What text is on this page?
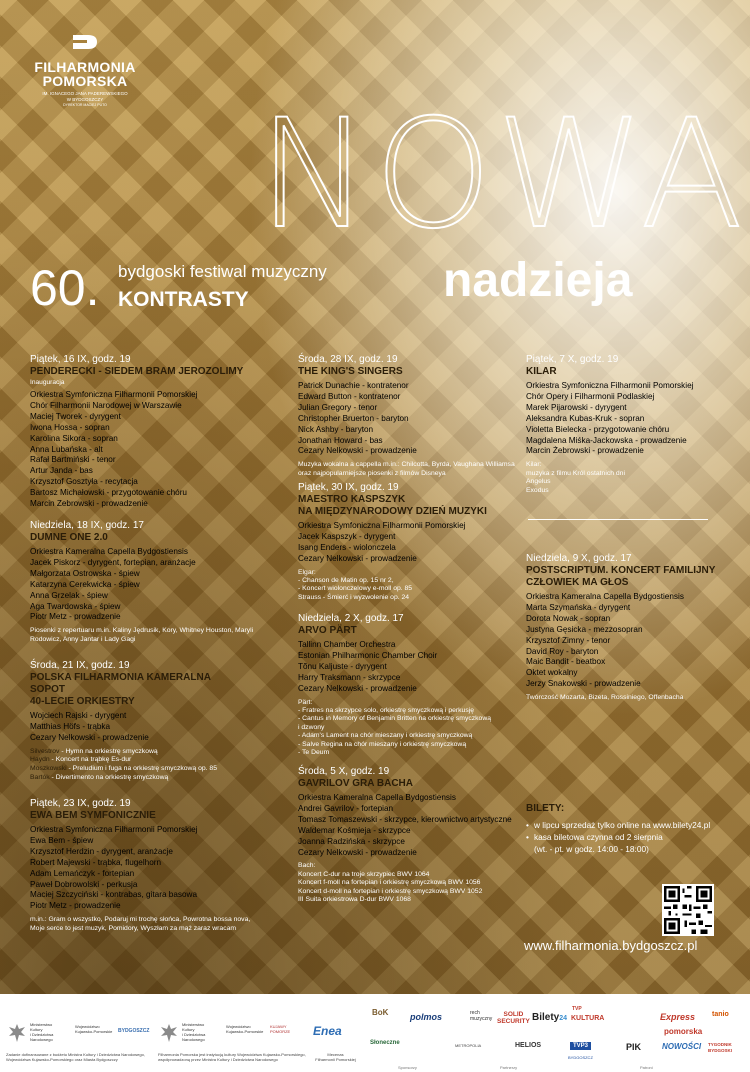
FILHARMONIA
POMORSKA
IM. IGNACEGO JANA PADEREWSKIEGO
W BYDGOSZCZY
DYREKTOR MACIEJ PUTO NOWA
nadzieja
60. bydgoski festiwal muzyczny
KONTRASTY
Piątek, 16 IX, godz. 19
PENDERECKI - SIEDEM BRAM JEROZOLIMY
Inauguracja
Orkiestra Symfoniczna Filharmonii Pomorskiej
Chór Filharmonii Narodowej w Warszawie
Maciej Tworek - dyrygent
Iwona Hossa - sopran
Karolina Sikora - sopran
Anna Lubańska - alt
Rafał Bartmiński - tenor
Artur Janda - bas
Krzysztof Gosztyła - recytacja
Bartosz Michałowski - przygotowanie chóru
Marcin Zebrowski - prowadzenie
Niedziela, 18 IX, godz. 17
DUMNE ONE 2.0
Orkiestra Kameralna Capella Bydgostiensis
Jacek Piskorz - dyrygent, fortepian, aranżacje
Małgorzata Ostrowska - śpiew
Katarzyna Cerekwicka - śpiew
Anna Grzelak - śpiew
Aga Twardowska - śpiew
Piotr Metz - prowadzenie
Piosenki z repertuaru m.in. Kaliny Jędrusik, Kory, Whitney Houston, Maryli Rodowicz, Anny Jantar i Lady Gagi
Środa, 21 IX, godz. 19
POLSKA FILHARMONIA KAMERALNA
SOPOT
40-LECIE ORKIESTRY
Wojciech Rajski - dyrygent
Matthias Höfs - trąbka
Cezary Nelkowski - prowadzenie
Silvestrov - Hymn na orkiestrę smyczkową
Haydn - Koncert na trąbkę Es-dur
Moszkowski - Preludium i fuga na orkiestrę smyczkową op. 85
Bartók - Divertimento na orkiestrę smyczkową
Piątek, 23 IX, godz. 19
EWA BEM SYMFONICZNIE
Orkiestra Symfoniczna Filharmonii Pomorskiej
Ewa Bem - śpiew
Krzysztof Herdzin - dyrygent, aranżacje
Robert Majewski - trąbka, flugelhorn
Adam Lemańczyk - fortepian
Paweł Dobrowolski - perkusja
Maciej Szczyciński - kontrabas, gitara basowa
Piotr Metz - prowadzenie
m.in.: Gram o wszystko, Podaruj mi trochę słońca, Powrotna bossa nova, Moje serce to jest muzyk, Pomidory, Wyszłam za mąż zaraz wracam
Środa, 28 IX, godz. 19
THE KING'S SINGERS
Patrick Dunachie - kontratenor
Edward Button - kontratenor
Julian Gregory - tenor
Christopher Bruerton - baryton
Nick Ashby - baryton
Jonathan Howard - bas
Cezary Nelkowski - prowadzenie
Muzyka wokalna a cappella m.in.: Chilcotta, Byrda, Vaughana Williamsa oraz najpopularniejsze piosenki z filmów Disneya
Piątek, 30 IX, godz. 19
MAESTRO KASPSZYK
NA MIĘDZYNARODOWY DZIEŃ MUZYKI
Orkiestra Symfoniczna Filharmonii Pomorskiej
Jacek Kaspszyk - dyrygent
Isang Enders - wiolonczela
Cezary Nelkowski - prowadzenie
Elgar:
- Chanson de Matin op. 15 nr 2,
- Koncert wiolonczelowy e-moll op. 85
Strauss - Śmierć i wyzwolenie op. 24
Niedziela, 2 X, godz. 17
ARVO PÄRT
Tallinn Chamber Orchestra
Estonian Philharmonic Chamber Choir
Tõnu Kaljuste - dyrygent
Harry Traksmann - skrzypce
Cezary Nelkowski - prowadzenie
Pärt:
- Fratres na skrzypce solo, orkiestrę smyczkową i perkusję
- Cantus in Memory of Benjamin Britten na orkiestrę smyczkową
i dzwony
- Adam's Lament na chór mieszany i orkiestrę smyczkową
- Salve Regina na chór mieszany i orkiestrę smyczkową
- Te Deum
Środa, 5 X, godz. 19
GAVRILOV GRA BACHA
Orkiestra Kameralna Capella Bydgostiensis
Andrei Gavrilov - fortepian
Tomasz Tomaszewski - skrzypce, kierownictwo artystyczne
Waldemar Kośmieja - skrzypce
Joanna Radzińska - skrzypce
Cezary Nelkowski - prowadzenie
Bach:
Koncert C-dur na troje skrzypiec BWV 1064
Koncert f-moll na fortepian i orkiestrę smyczkową BWV 1056
Koncert d-moll na fortepian i orkiestrę smyczkową BWV 1052
III Suita orkiestrowa D-dur BWV 1068
Piątek, 7 X, godz. 19
KILAR
Orkiestra Symfoniczna Filharmonii Pomorskiej
Chór Opery i Filharmonii Podlaskiej
Marek Pijarowski - dyrygent
Aleksandra Kubas-Kruk - sopran
Violetta Bielecka - przygotowanie chóru
Magdalena Miśka-Jackowska - prowadzenie
Marcin Żebrowski - prowadzenie
Kilar:
muzyka z filmu Król ostatnich dni
Angelus
Exodus
Niedziela, 9 X, godz. 17
POSTSCRIPTUM. KONCERT FAMILIJNY
CZŁOWIEK MA GŁOS
Orkiestra Kameralna Capella Bydgostiensis
Marta Szymańska - dyrygent
Dorota Nowak - sopran
Justyna Gęsicka - mezzosopran
Krzysztof Zimny - tenor
David Roy - baryton
Maic Bandit - beatbox
Oktet wokalny
Jerzy Snakowski - prowadzenie
Twórczość Mozarta, Bizeta, Rossiniego, Offenbacha
BILETY:
• w lipcu sprzedaż tylko online na www.bilety24.pl
• kasa biletowa czynna od 2 sierpnia
(wt. - pt. w godz. 14:00 - 18:00)
www.filharmonia.bydgoszcz.pl
Ministerstwo
Kultury
i Dziedzictwa
Narodowego
Województwo
Kujawsko-Pomorskie	BYDGOSZCZ
Ministerstwo
Kultury
i Dziedzictwa
Narodowego
Województwo
Kujawsko-Pomorskie
KUJAWY
POMORZE
Zadanie dofinansowane z budżetu Ministra Kultury i Dziedzictwa Narodowego,
Województwa Kujawsko-Pomorskiego oraz Miasta Bydgoszczy
Filharmonia Pomorska jest instytucją kultury Województwa Kujawsko-Pomorskiego,
współprowadzoną przez Ministra Kultury i Dziedzictwa Narodowego
Enea
Mecenas
Filharmonii Pomorskiej
BoK polmos
Słoneczne
Sponsorzy
rech
muzyczny
SOLID
SECURITY Bilety24
METROPOLIA	HELIOS
Partnerzy
TVP
KULTURA	Express tanio
pomorska
TVP3
BYDGOSZCZ
PIK	NOWOŚCI TYGODNIK
BYDGOSKI
Patroni
